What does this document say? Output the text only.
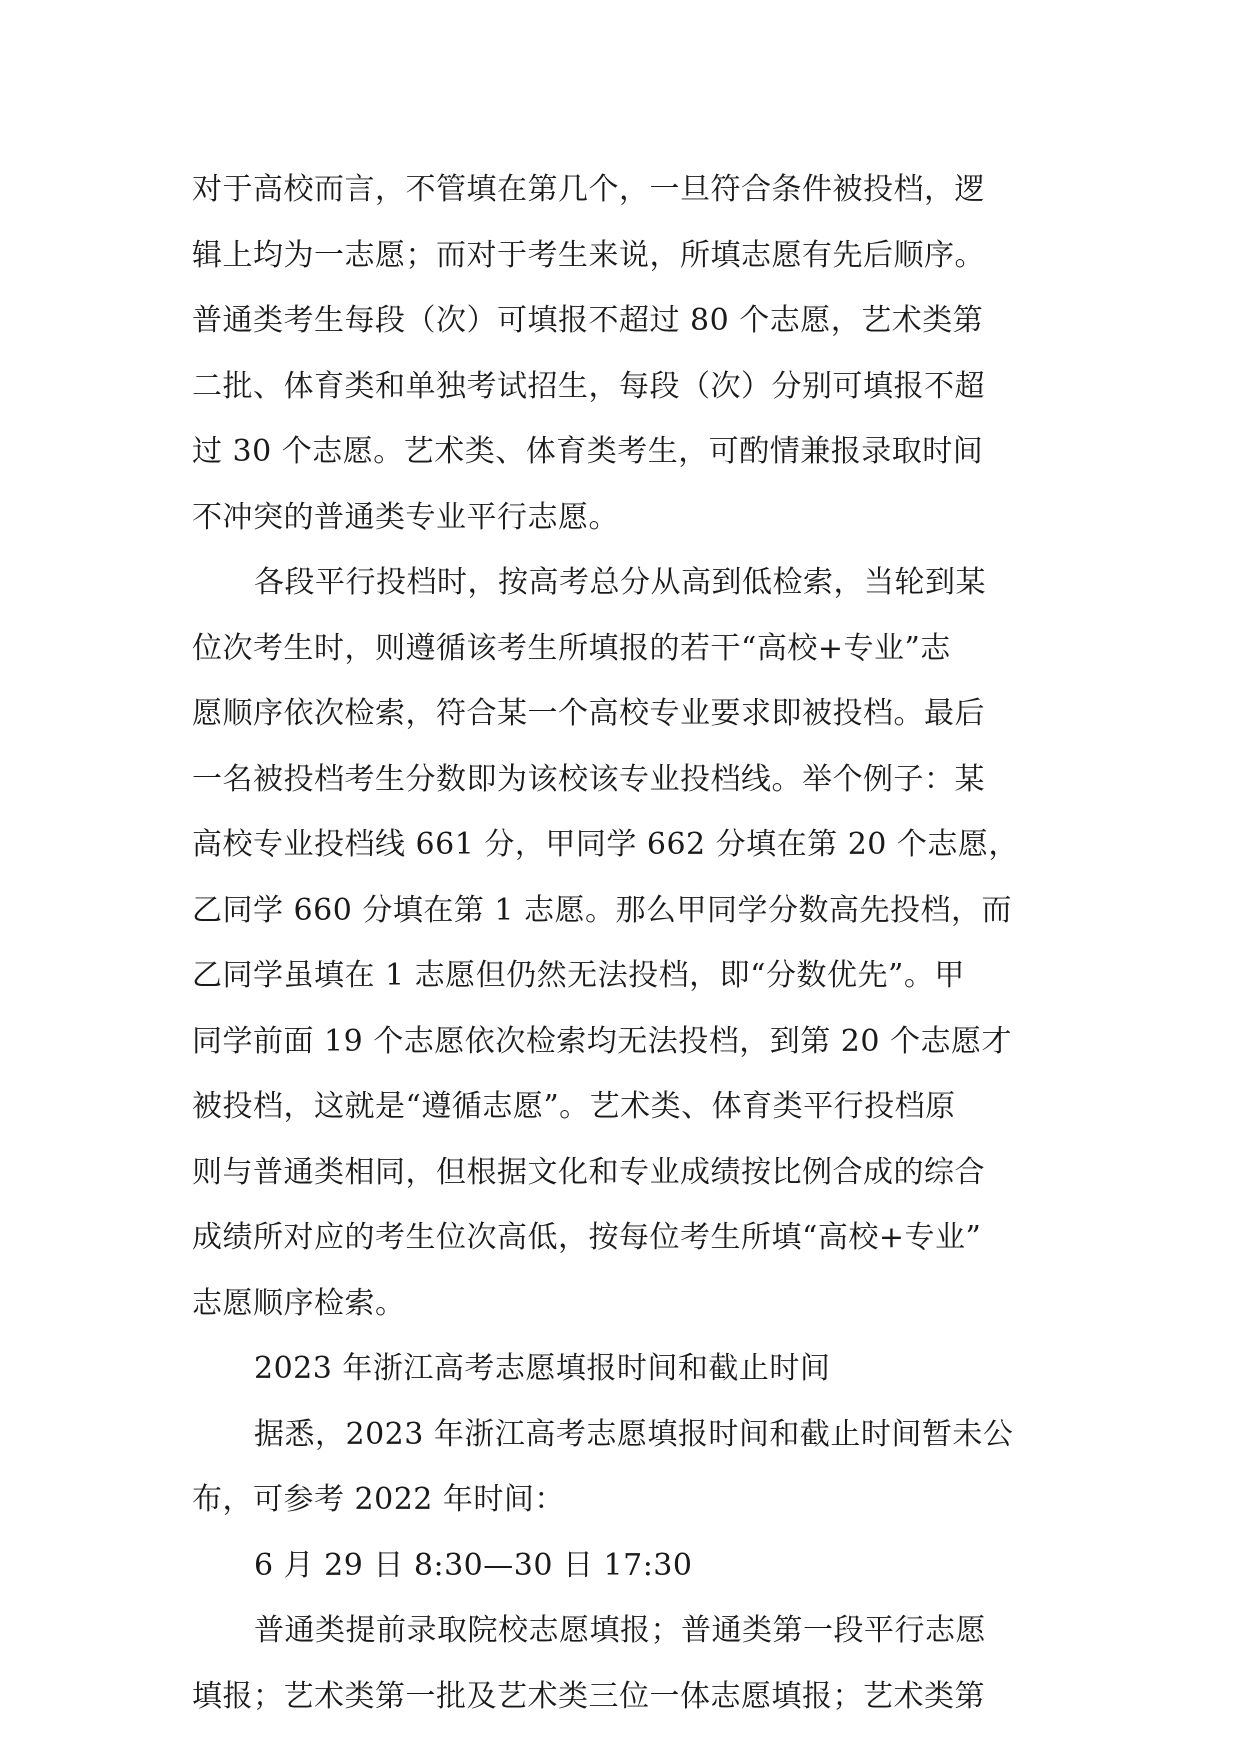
对于高校而言，不管填在第几个，一旦符合条件被投档，逻
辑上均为一志愿；而对于考生来说，所填志愿有先后顺序。
普通类考生每段（次）可填报不超过 80 个志愿，艺术类第
二批、体育类和单独考试招生，每段（次）分别可填报不超
过 30 个志愿。艺术类、体育类考生，可酌情兼报录取时间
不冲突的普通类专业平行志愿。
各段平行投档时，按高考总分从高到低检索，当轮到某
位次考生时，则遵循该考生所填报的若干“高校+专业”志
愿顺序依次检索，符合某一个高校专业要求即被投档。最后
一名被投档考生分数即为该校该专业投档线。举个例子：某
高校专业投档线 661 分，甲同学 662 分填在第 20 个志愿，
乙同学 660 分填在第 1 志愿。那么甲同学分数高先投档，而
乙同学虽填在 1 志愿但仍然无法投档，即“分数优先”。甲
同学前面 19 个志愿依次检索均无法投档，到第 20 个志愿才
被投档，这就是“遵循志愿”。艺术类、体育类平行投档原
则与普通类相同，但根据文化和专业成绩按比例合成的综合
成绩所对应的考生位次高低，按每位考生所填“高校+专业”
志愿顺序检索。
2023 年浙江高考志愿填报时间和截止时间
据悉，2023 年浙江高考志愿填报时间和截止时间暂未公
布，可参考 2022 年时间：
6 月 29 日 8:30—30 日 17:30
普通类提前录取院校志愿填报；普通类第一段平行志愿
填报；艺术类第一批及艺术类三位一体志愿填报；艺术类第
